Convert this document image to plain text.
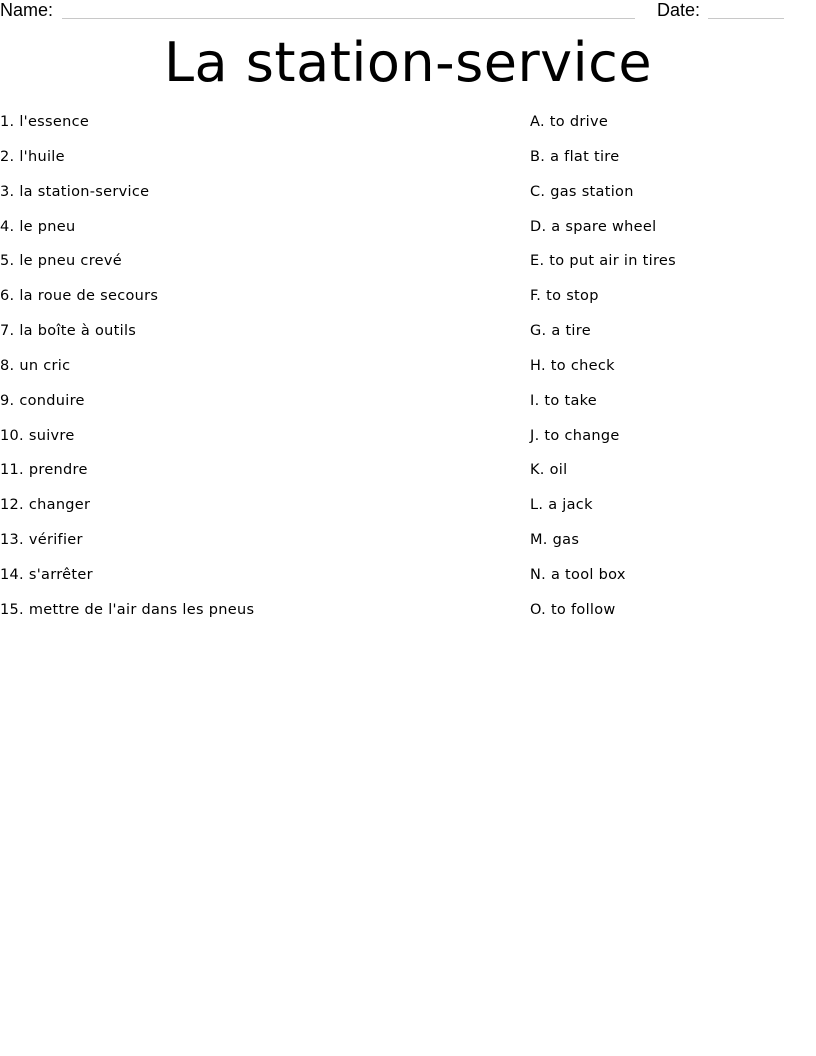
Name:	Date:
La station-service
1. l'essence
2. l'huile
3. la station-service
4. le pneu
5. le pneu crevé
6. la roue de secours
7. la boîte à outils
8. un cric
9. conduire
10. suivre
11. prendre
12. changer
13. vérifier
14. s'arrêter
15. mettre de l'air dans les pneus
A. to drive
B. a flat tire
C. gas station
D. a spare wheel
E. to put air in tires
F. to stop
G. a tire
H. to check
I. to take
J. to change
K. oil
L. a jack
M. gas
N. a tool box
O. to follow
